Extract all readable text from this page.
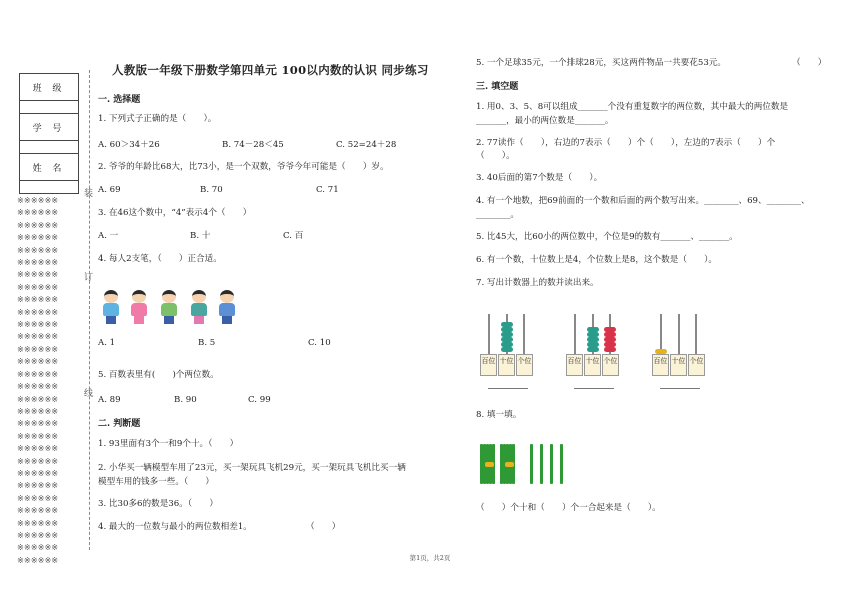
班 级

学 号

姓 名

※※※※※※
※※※※※※
※※※※※※
※※※※※※
※※※※※※
※※※※※※
※※※※※※
※※※※※※
※※※※※※
※※※※※※
※※※※※※
※※※※※※
※※※※※※
※※※※※※
※※※※※※
※※※※※※
※※※※※※
※※※※※※
※※※※※※
※※※※※※
※※※※※※
※※※※※※
※※※※※※
※※※※※※
※※※※※※
※※※※※※
※※※※※※
※※※※※※
※※※※※※
※※※※※※
装
订
线
人教版一年级下册数学第四单元 100以内数的认识 同步练习
一. 选择题
1. 下列式子正确的是（　　）。
A. 60＞34＋26	B. 74－28＜45	C. 52=24＋28
2. 爷爷的年龄比68大，比73小，是一个双数，爷爷今年可能是（　　）岁。
A. 69	B. 70	C. 71
3. 在46这个数中，“4”表示4个（　　）
A. 一	B. 十	C. 百
4. 每人2支笔，（　　）正合适。
A. 1	B. 5	C. 10
5. 百数表里有(　　)个两位数。
A. 89	B. 90	C. 99
二. 判断题
1. 93里面有3个一和9个十。（　　）
2. 小华买一辆模型车用了23元，买一架玩具飞机29元，买一架玩具飞机比买一辆
模型车用的钱多一些。（　　）
3. 比30多6的数是36。（　　）
4. 最大的一位数与最小的两位数相差1。	（　　）
5. 一个足球35元，一个排球28元，买这两件物品一共要花53元。	（　　）
三. 填空题
1. 用0、3、5、8可以组成_______个没有重复数字的两位数，其中最大的两位数是
_______，最小的两位数是_______。
2. 77读作（　　），右边的7表示（　　）个（　　），左边的7表示（　　）个
（　　）。
3. 40后面的第7个数是（　　）。
4. 有一个地数，把69前面的一个数和后面的两个数写出来。________、69、________、
________。
5. 比45大，比60小的两位数中，个位是9的数有_______、_______。
6. 有一个数，十位数上是4，个位数上是8，这个数是（　　）。
7. 写出计数器上的数并读出来。
百位 十位 个位	百位 十位 个位	百位 十位 个位
8. 填一填。
（　　）个十和（　　）个一合起来是（　　）。
第1页，共2页
